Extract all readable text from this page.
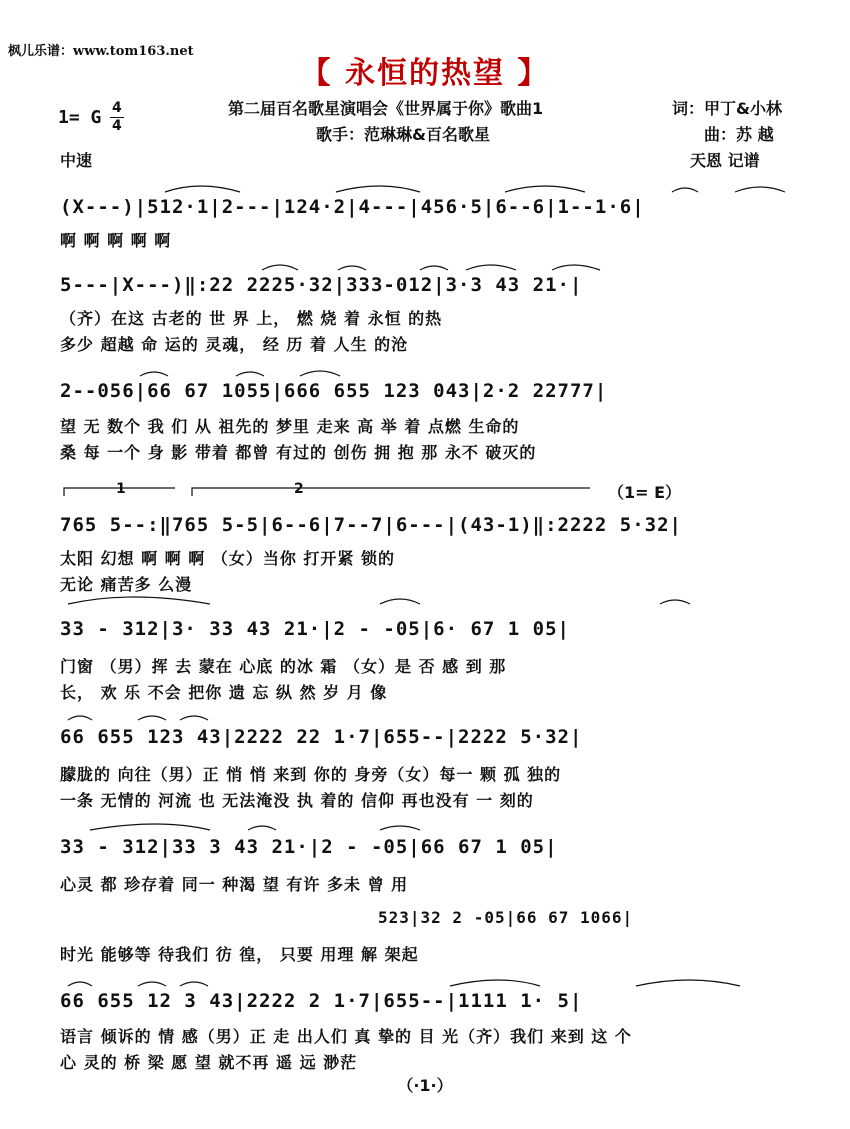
枫儿乐谱：www.tom163.net
【 永恒的热望 】
1= G 4
4
中速
第二届百名歌星演唱会《世界属于你》歌曲1
歌手：范琳琳&百名歌星
词：甲丁&小林
曲：苏 越
天恩 记谱
(X---)|512·1|2---|124·2|4---|456·5|6--6|1--1·6|
啊 啊 啊 啊 啊
5---|X---)‖:22 2225·32|333-012|3·3 43 21·|
（齐）在这 古老的 世 界 上， 燃 烧 着 永恒 的热
多少 超越 命 运的 灵魂， 经 历 着 人生 的沧
2--056|66 67 1055|666 655 123 043|2·2 22777|
望 无 数个 我 们 从 祖先的 梦里 走来 高 举 着 点燃 生命的
桑 每 一个 身 影 带着 都曾 有过的 创伤 拥 抱 那 永不 破灭的
1	2	（1= E）
765 5--:‖765 5-5|6--6|7--7|6---|(43-1)‖:2222 5·32|
太阳 幻想 啊 啊 啊 （女）当你 打开紧 锁的
无论 痛苦多 么漫
33 - 312|3· 33 43 21·|2 - -05|6· 67 1 05|
门窗 （男）挥 去 蒙在 心底 的冰 霜 （女）是 否 感 到 那
长， 欢 乐 不会 把你 遗 忘 纵 然 岁 月 像
66 655 123 43|2222 22 1·7|655--|2222 5·32|
朦胧的 向往（男）正 悄 悄 来到 你的 身旁（女）每一 颗 孤 独的
一条 无情的 河流 也 无法淹没 执 着的 信仰 再也没有 一 刻的
33 - 312|33 3 43 21·|2 - -05|66 67 1 05|
心灵 都 珍存着 同一 种渴 望 有许 多未 曾 用
523|32 2 -05|66 67 1066|
时光 能够等 待我们 彷 徨， 只要 用理 解 架起
66 655 12 3 43|2222 2 1·7|655--|1111 1· 5|
语言 倾诉的 情 感（男）正 走 出人们 真 挚的 目 光（齐）我们 来到 这 个
心 灵的 桥 梁 愿 望 就不再 遥 远 渺茫
（·1·）
